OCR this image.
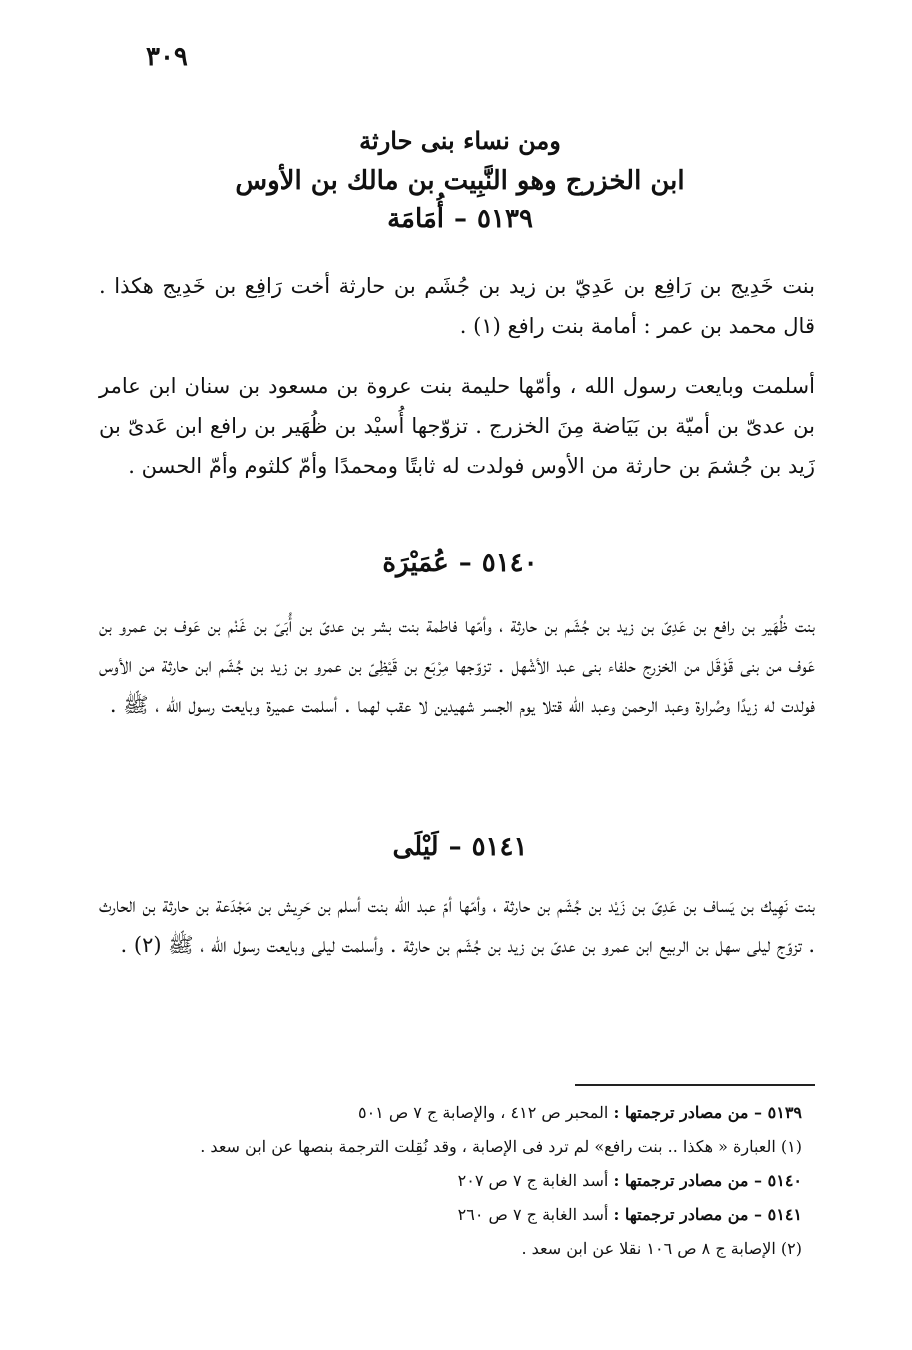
٣٠٩
ومن نساء بنى حارثة
ابن الخزرج وهو النَّبِيت بن مالك بن الأوس
٥١٣٩–أُمَامَة
بنت خَدِيج بن رَافِع بن عَدِيّ بن زيد بن جُشَم بن حارثة أخت رَافِع بن خَدِيج هكذا . قال محمد بن عمر : أمامة بنت رافع (١) .
أسلمت وبايعت رسول الله ، وأمّها حليمة بنت عروة بن مسعود بن سنان ابن عامر بن عدىّ بن أميّة بن بَيَاضة مِنَ الخزرج . تزوّجها أُسيْد بن ظُهَير بن رافع ابن عَدىّ بن زَيد بن جُشمَ بن حارثة من الأوس فولدت له ثابتًا ومحمدًا وأمّ كلثوم وأمّ الحسن .
٥١٤٠–عُمَيْرَة
بنت ظُهَير بن رافع بن عَدِىّ بن زيد بن جُشَم بن حارثة ، وأمّها فاطمة بنت بشر بن عدىّ بن أُبَىّ بن غَنْم بن عَوف بن عمرو بن عَوف من بنى قَوْقَل من الخزرج حلفاء بنى عبد الأشْهل . تزوّجها مِرْبَع بن قَيْظِىّ بن عمرو بن زيد بن جُشَم ابن حارثة من الأوس فولدت له زيدًا وصُرارة وعبد الرحمن وعبد الله قتلا يوم الجسر شهيدين لا عقب لهما . أسلمت عميرة وبايعت رسول الله ، ﷺ .
٥١٤١–لَيْلَى
بنت نَهِيك بن يَساف بن عَدِىّ بن زَيْد بن جُشَم بن حارثة ، وأمّها أمّ عبد الله بنت أسلم بن حَرِيش بن مَجْدَعة بن حارثة بن الحارث . تزوّج ليلى سهل بن الربيع ابن عمرو بن عدىّ بن زيد بن جُشَم بن حارثة . وأسلمت ليلى وبايعت رسول الله ، ﷺ (٢) .
٥١٣٩ – من مصادر ترجمتها : المحبر ص ٤١٢ ، والإصابة ج ٧ ص ٥٠١
(١) العبارة « هكذا .. بنت رافع» لم ترد فى الإصابة ، وقد نُقِلت الترجمة بنصها عن ابن سعد .
٥١٤٠ – من مصادر ترجمتها : أسد الغابة ج ٧ ص ٢٠٧
٥١٤١ – من مصادر ترجمتها : أسد الغابة ج ٧ ص ٢٦٠
(٢) الإصابة ج ٨ ص ١٠٦ نقلا عن ابن سعد .
